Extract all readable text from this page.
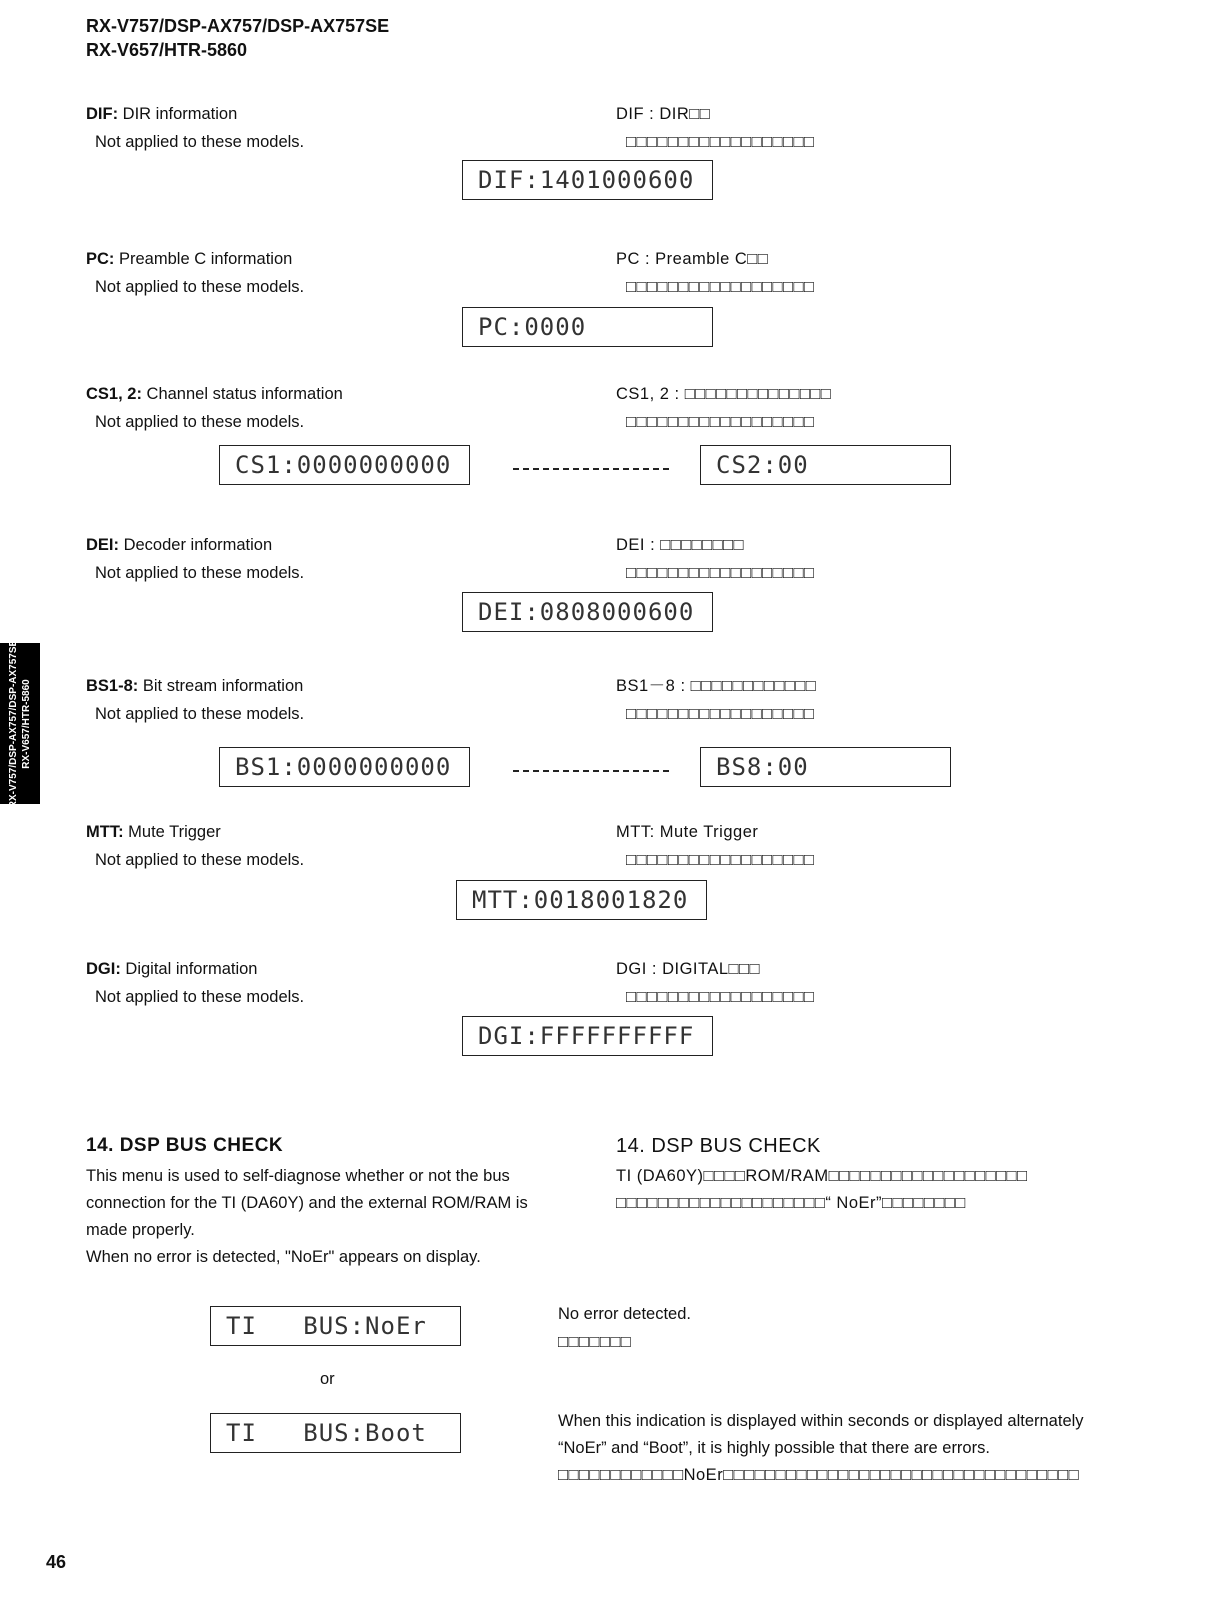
RX-V757/DSP-AX757/DSP-AX757SE
RX-V657/HTR-5860
RX-V757/DSP-AX757/DSP-AX757SE RX-V657/HTR-5860
DIF: DIR information
Not applied to these models.
DIF : DIR□□
□□□□□□□□□□□□□□□□□□
DIF:1401000600
PC: Preamble C information
Not applied to these models.
PC : Preamble C□□
□□□□□□□□□□□□□□□□□□
PC:0000
CS1, 2: Channel status information
Not applied to these models.
CS1, 2 : □□□□□□□□□□□□□□
□□□□□□□□□□□□□□□□□□
CS1:0000000000	CS2:00
DEI: Decoder information
Not applied to these models.
DEI : □□□□□□□□
□□□□□□□□□□□□□□□□□□
DEI:0808000600
BS1-8: Bit stream information
Not applied to these models.
BS1－8 : □□□□□□□□□□□□
□□□□□□□□□□□□□□□□□□
BS1:0000000000	BS8:00
MTT: Mute Trigger
Not applied to these models.
MTT: Mute Trigger
□□□□□□□□□□□□□□□□□□
MTT:0018001820
DGI: Digital information
Not applied to these models.
DGI : DIGITAL□□□
□□□□□□□□□□□□□□□□□□
DGI:FFFFFFFFFF
14. DSP BUS CHECK	14. DSP BUS CHECK
This menu is used to self-diagnose whether or not the bus connection for the TI (DA60Y) and the external ROM/RAM is made properly.
When no error is detected, "NoEr" appears on display.
TI (DA60Y)□□□□ROM/RAM□□□□□□□□□□□□□□□□□□□
□□□□□□□□□□□□□□□□□□□□“ NoEr”□□□□□□□□
TI   BUS:NoEr
or
TI   BUS:Boot
No error detected.
□□□□□□□
When this indication is displayed within seconds or displayed alternately “NoEr” and “Boot”, it is highly possible that there are errors.
□□□□□□□□□□□□NoEr□□□□□□□□□□□□□□□□□□□□□□□□□□□□□□□□□□
46
